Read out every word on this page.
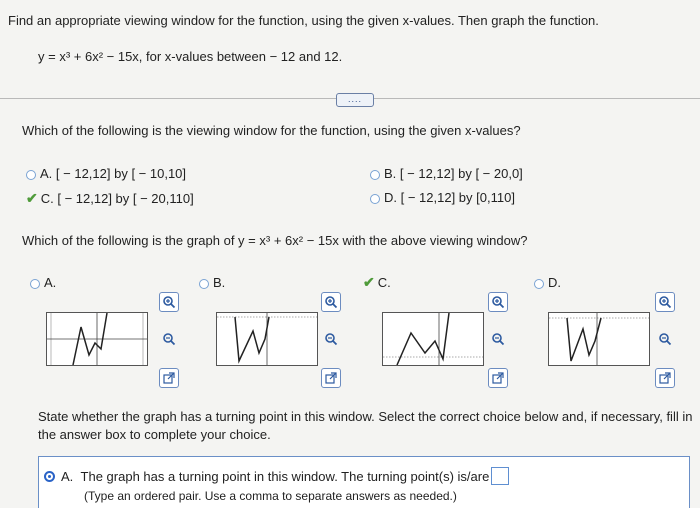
Find an appropriate viewing window for the function, using the given x-values. Then graph the function.
y = x³ + 6x² − 15x, for x-values between − 12 and 12.
....
Which of the following is the viewing window for the function, using the given x-values?
A. [ − 12,12] by [ − 10,10]
✔ C. [ − 12,12] by [ − 20,110]
B. [ − 12,12] by [ − 20,0]
D. [ − 12,12] by [0,110]
Which of the following is the graph of y = x³ + 6x² − 15x with the above viewing window?
A.	B.	✔ C.	D.
State whether the graph has a turning point in this window. Select the correct choice below and, if necessary, fill in
the answer box to complete your choice.
A. The graph has a turning point in this window. The turning point(s) is/are
(Type an ordered pair. Use a comma to separate answers as needed.)
